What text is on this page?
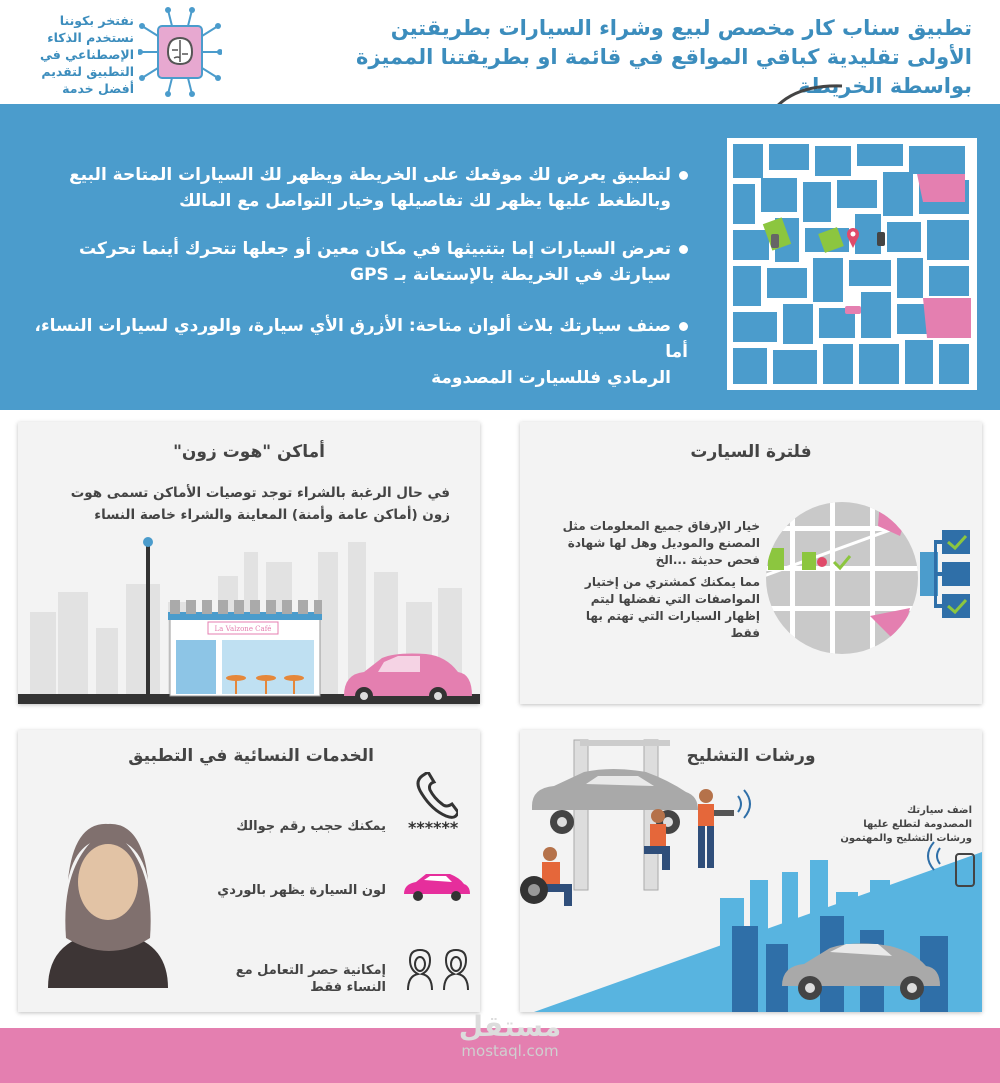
تطبيق سناب كار مخصص لبيع وشراء السيارات بطريقتين
الأولى تقليدية كباقي المواقع في قائمة او بطريقتنا المميزة
بواسطة الخريطة
نفتخر بكوننا
نستخدم الذكاء
الإصطناعي في
التطبيق لتقديم
أفضل خدمة
لتطبيق يعرض لك موقعك على الخريطة ويظهر لك السيارات المتاحة البيع
وبالظغط عليها يظهر لك تفاصيلها وخيار التواصل مع المالك
تعرض السيارات إما بتتبيثها في مكان معين أو جعلها تتحرك أينما تحركت
سيارتك في الخريطة بالإستعانة بـ GPS
صنف سيارتك بلاث ألوان متاحة: الأزرق الأي سيارة، والوردي لسيارات النساء، أما
الرمادي فللسيارت المصدومة
أماكن "هوت زون"
في حال الرغبة بالشراء توجد توصيات الأماكن تسمى هوت
زون (أماكن عامة وأمنة) المعاينة والشراء خاصة النساء
La Valzone Café
فلترة السيارت
خيار الإرفاق جميع المعلومات مثل
المصنع والموديل وهل لها شهادة
فحص حديثة ...الخ
مما يمكنك كمشتري من إختيار
المواصفات التي تفضلها ليتم
إظهار السيارات التي تهتم بها فقط
الخدمات النسائية في التطبيق
******
يمكنك حجب رقم جوالك
لون السيارة يظهر بالوردي
إمكانية حصر التعامل مع
النساء فقط
ورشات التشليح
اضف سيارتك
المصدومة لتطلع عليها
ورشات التشليح والمهتمون
مستقل
mostaql.com
